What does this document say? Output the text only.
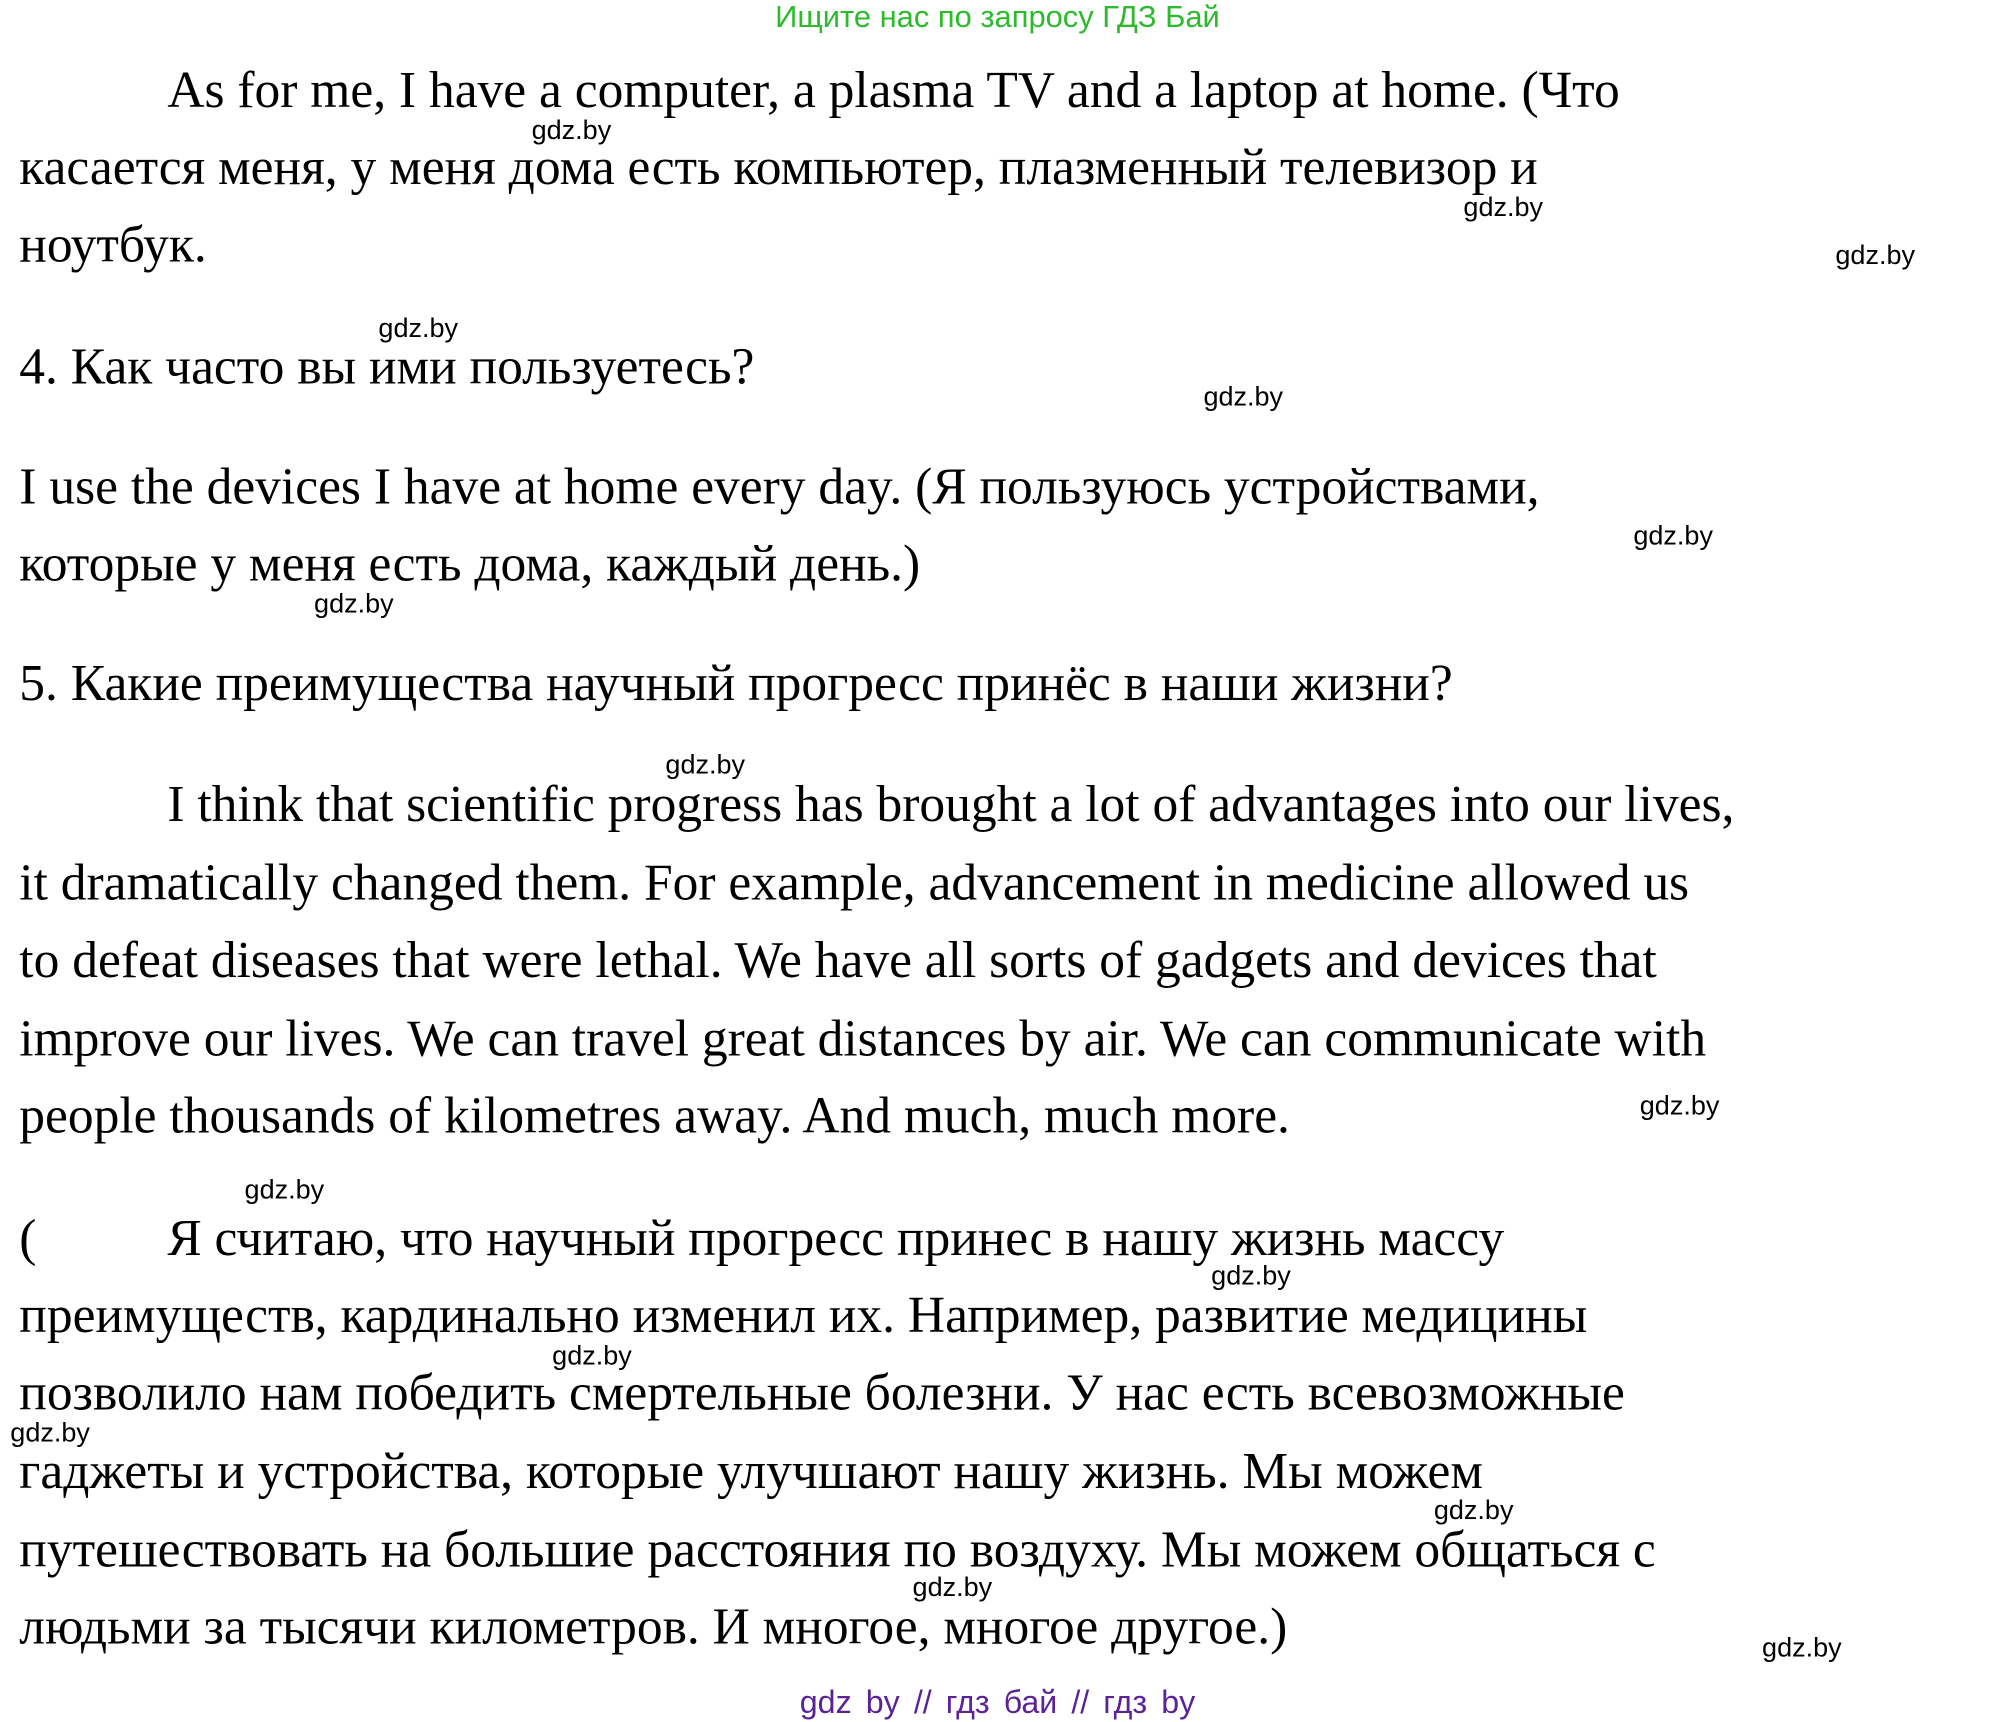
Ищите нас по запросу ГДЗ Бай
As for me, I have a computer, a plasma TV and a laptop at home. (Что
касается меня, у меня дома есть компьютер, плазменный телевизор и
ноутбук.
4. Как часто вы ими пользуетесь?
I use the devices I have at home every day. (Я пользуюсь устройствами,
которые у меня есть дома, каждый день.)
5. Какие преимущества научный прогресс принёс в наши жизни?
I think that scientific progress has brought a lot of advantages into our lives,
it dramatically changed them. For example, advancement in medicine allowed us
to defeat diseases that were lethal. We have all sorts of gadgets and devices that
improve our lives. We can travel great distances by air. We can communicate with
people thousands of kilometres away. And much, much more.
(	Я считаю, что научный прогресс принес в нашу жизнь массу
преимуществ, кардинально изменил их. Например, развитие медицины
позволило нам победить смертельные болезни. У нас есть всевозможные
гаджеты и устройства, которые улучшают нашу жизнь. Мы можем
путешествовать на большие расстояния по воздуху. Мы можем общаться с
людьми за тысячи километров. И многое, многое другое.)
gdz.by
gdz.by
gdz.by
gdz.by
gdz.by
gdz.by
gdz.by
gdz.by
gdz.by
gdz.by
gdz.by
gdz.by
gdz.by
gdz.by
gdz.by
gdz.by
gdz by // гдз бай // гдз by
